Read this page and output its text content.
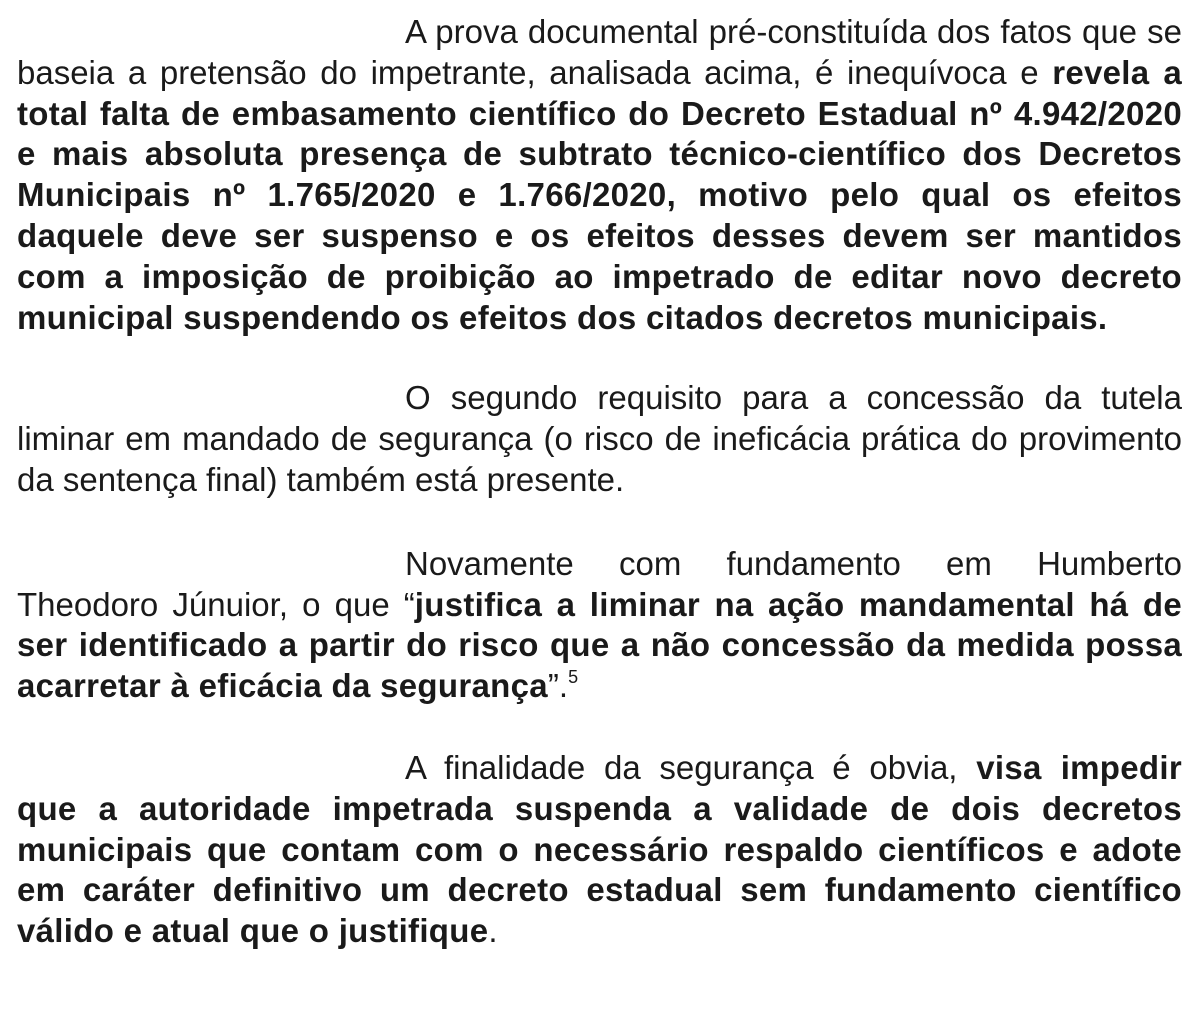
A prova documental pré-constituída dos fatos que se baseia a pretensão do impetrante, analisada acima, é inequívoca e revela a total falta de embasamento científico do Decreto Estadual nº 4.942/2020 e mais absoluta presença de subtrato técnico-científico dos Decretos Municipais nº 1.765/2020 e 1.766/2020, motivo pelo qual os efeitos daquele deve ser suspenso e os efeitos desses devem ser mantidos com a imposição de proibição ao impetrado de editar novo decreto municipal suspendendo os efeitos dos citados decretos municipais.

O segundo requisito para a concessão da tutela liminar em mandado de segurança (o risco de ineficácia prática do provimento da sentença final) também está presente.

Novamente com fundamento em Humberto Theodoro Júnuior, o que “justifica a liminar na ação mandamental há de ser identificado a partir do risco que a não concessão da medida possa acarretar à eficácia da segurança”.$^5$

A finalidade da segurança é obvia, visa impedir que a autoridade impetrada suspenda a validade de dois decretos municipais que contam com o necessário respaldo científicos e adote em caráter definitivo um decreto estadual sem fundamento científico válido e atual que o justifique.
